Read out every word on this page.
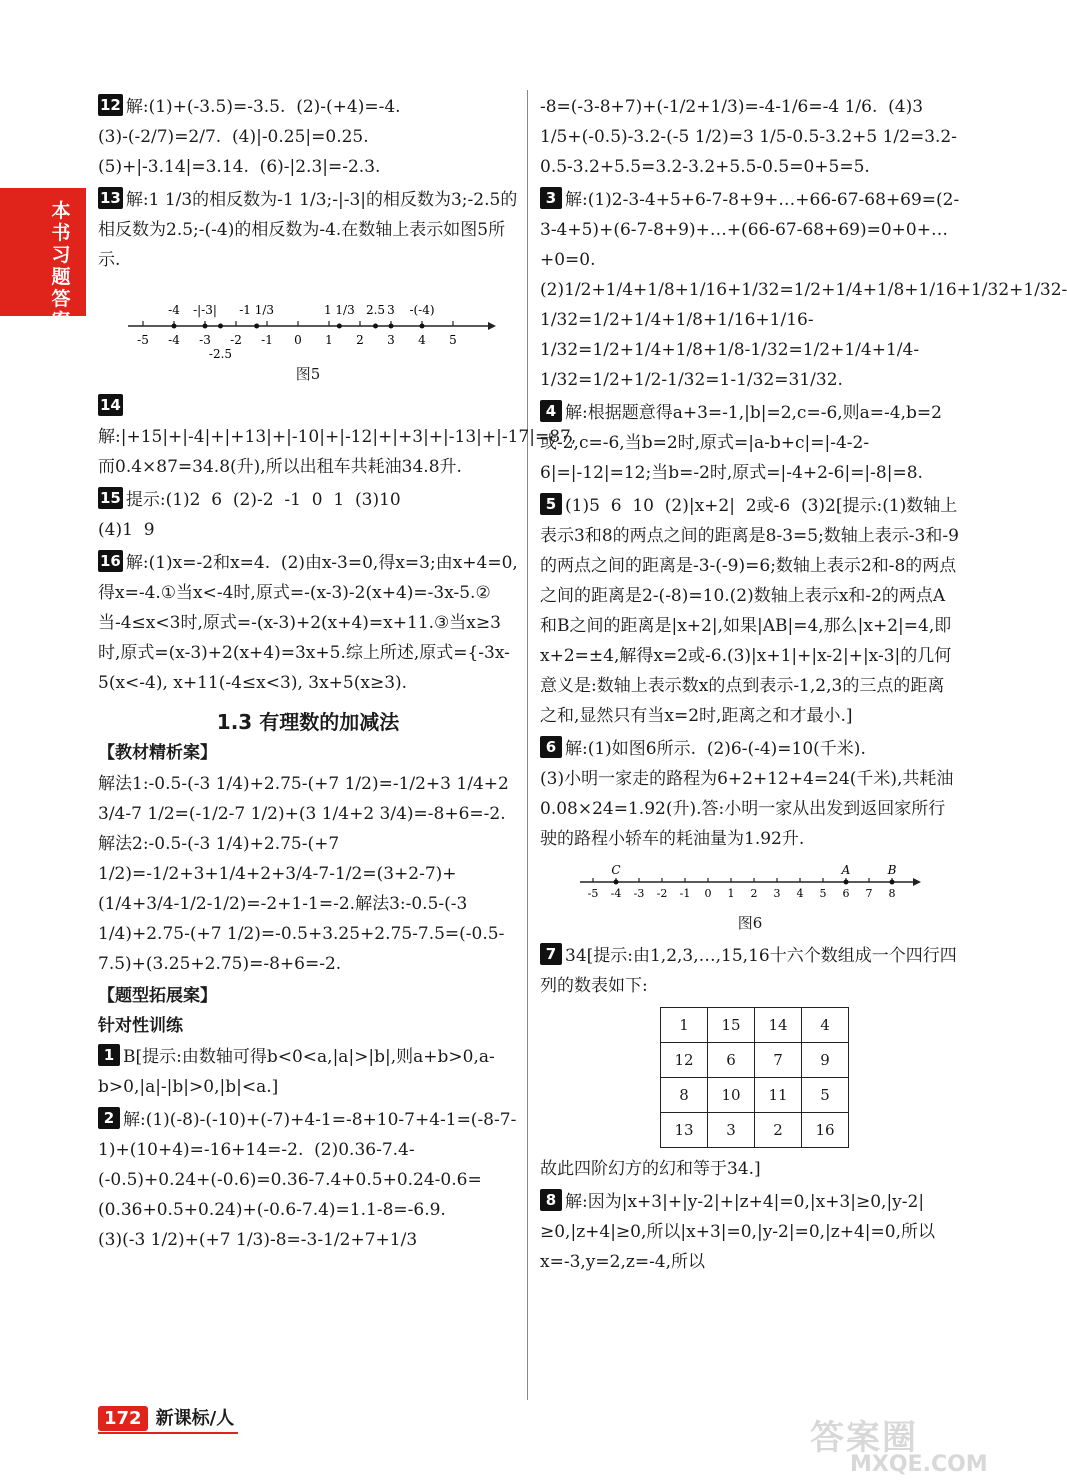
本书习题答案
12 解:(1)+(-3.5)=-3.5.  (2)-(+4)=-4.
(3)-(-2/7)=2/7.  (4)|-0.25|=0.25.
(5)+|-3.14|=3.14.  (6)-|2.3|=-2.3.
13 解:1 1/3的相反数为-1 1/3;-|-3|的相反数为3;-2.5的相反数为2.5;-(-4)的相反数为-4.在数轴上表示如图5所示.
-5 -4 -3 -2 -1 0 1 2 3 4 5
-4 -|-3| -1 1/3	1 1/3 2.5 3 -(-4)
-2.5
图5
14解:|+15|+|-4|+|+13|+|-10|+|-12|+|+3|+|-13|+|-17|=87,而0.4×87=34.8(升),所以出租车共耗油34.8升.
15 提示:(1)2  6  (2)-2  -1  0  1  (3)10
(4)1  9
16 解:(1)x=-2和x=4.  (2)由x-3=0,得x=3;由x+4=0,得x=-4.①当x<-4时,原式=-(x-3)-2(x+4)=-3x-5.②当-4≤x<3时,原式=-(x-3)+2(x+4)=x+11.③当x≥3时,原式=(x-3)+2(x+4)=3x+5.综上所述,原式={-3x-5(x<-4), x+11(-4≤x<3), 3x+5(x≥3).
1.3 有理数的加减法
【教材精析案】
解法1:-0.5-(-3 1/4)+2.75-(+7 1/2)=-1/2+3 1/4+2 3/4-7 1/2=(-1/2-7 1/2)+(3 1/4+2 3/4)=-8+6=-2.解法2:-0.5-(-3 1/4)+2.75-(+7 1/2)=-1/2+3+1/4+2+3/4-7-1/2=(3+2-7)+(1/4+3/4-1/2-1/2)=-2+1-1=-2.解法3:-0.5-(-3 1/4)+2.75-(+7 1/2)=-0.5+3.25+2.75-7.5=(-0.5-7.5)+(3.25+2.75)=-8+6=-2.
【题型拓展案】
针对性训练
1 B[提示:由数轴可得b<0<a,|a|>|b|,则a+b>0,a-b>0,|a|-|b|>0,|b|<a.]
2 解:(1)(-8)-(-10)+(-7)+4-1=-8+10-7+4-1=(-8-7-1)+(10+4)=-16+14=-2.  (2)0.36-7.4-(-0.5)+0.24+(-0.6)=0.36-7.4+0.5+0.24-0.6=(0.36+0.5+0.24)+(-0.6-7.4)=1.1-8=-6.9.
(3)(-3 1/2)+(+7 1/3)-8=-3-1/2+7+1/3
-8=(-3-8+7)+(-1/2+1/3)=-4-1/6=-4 1/6.  (4)3 1/5+(-0.5)-3.2-(-5 1/2)=3 1/5-0.5-3.2+5 1/2=3.2-0.5-3.2+5.5=3.2-3.2+5.5-0.5=0+5=5.
3 解:(1)2-3-4+5+6-7-8+9+…+66-67-68+69=(2-3-4+5)+(6-7-8+9)+…+(66-67-68+69)=0+0+…+0=0.  (2)1/2+1/4+1/8+1/16+1/32=1/2+1/4+1/8+1/16+1/32+1/32-1/32=1/2+1/4+1/8+1/16+1/16-1/32=1/2+1/4+1/8+1/8-1/32=1/2+1/4+1/4-1/32=1/2+1/2-1/32=1-1/32=31/32.
4 解:根据题意得a+3=-1,|b|=2,c=-6,则a=-4,b=2或-2,c=-6,当b=2时,原式=|a-b+c|=|-4-2-6|=|-12|=12;当b=-2时,原式=|-4+2-6|=|-8|=8.
5 (1)5  6  10  (2)|x+2|  2或-6  (3)2[提示:(1)数轴上表示3和8的两点之间的距离是8-3=5;数轴上表示-3和-9的两点之间的距离是-3-(-9)=6;数轴上表示2和-8的两点之间的距离是2-(-8)=10.(2)数轴上表示x和-2的两点A和B之间的距离是|x+2|,如果|AB|=4,那么|x+2|=4,即x+2=±4,解得x=2或-6.(3)|x+1|+|x-2|+|x-3|的几何意义是:数轴上表示数x的点到表示-1,2,3的三点的距离之和,显然只有当x=2时,距离之和才最小.]
6 解:(1)如图6所示.  (2)6-(-4)=10(千米).
(3)小明一家走的路程为6+2+12+4=24(千米),共耗油0.08×24=1.92(升).答:小明一家从出发到返回家所行驶的路程小轿车的耗油量为1.92升.
-5 -4 -3 -2 -1 0 1 2 3 4 5 6 7 8
C	A	B
图6
7 34[提示:由1,2,3,…,15,16十六个数组成一个四行四列的数表如下:
1	15	14	4
12	6	7	9
8	10	11	5
13	3	2	16
故此四阶幻方的幻和等于34.]
8 解:因为|x+3|+|y-2|+|z+4|=0,|x+3|≥0,|y-2|≥0,|z+4|≥0,所以|x+3|=0,|y-2|=0,|z+4|=0,所以x=-3,y=2,z=-4,所以
172 新课标/人	答案圈
MXQE.COM
